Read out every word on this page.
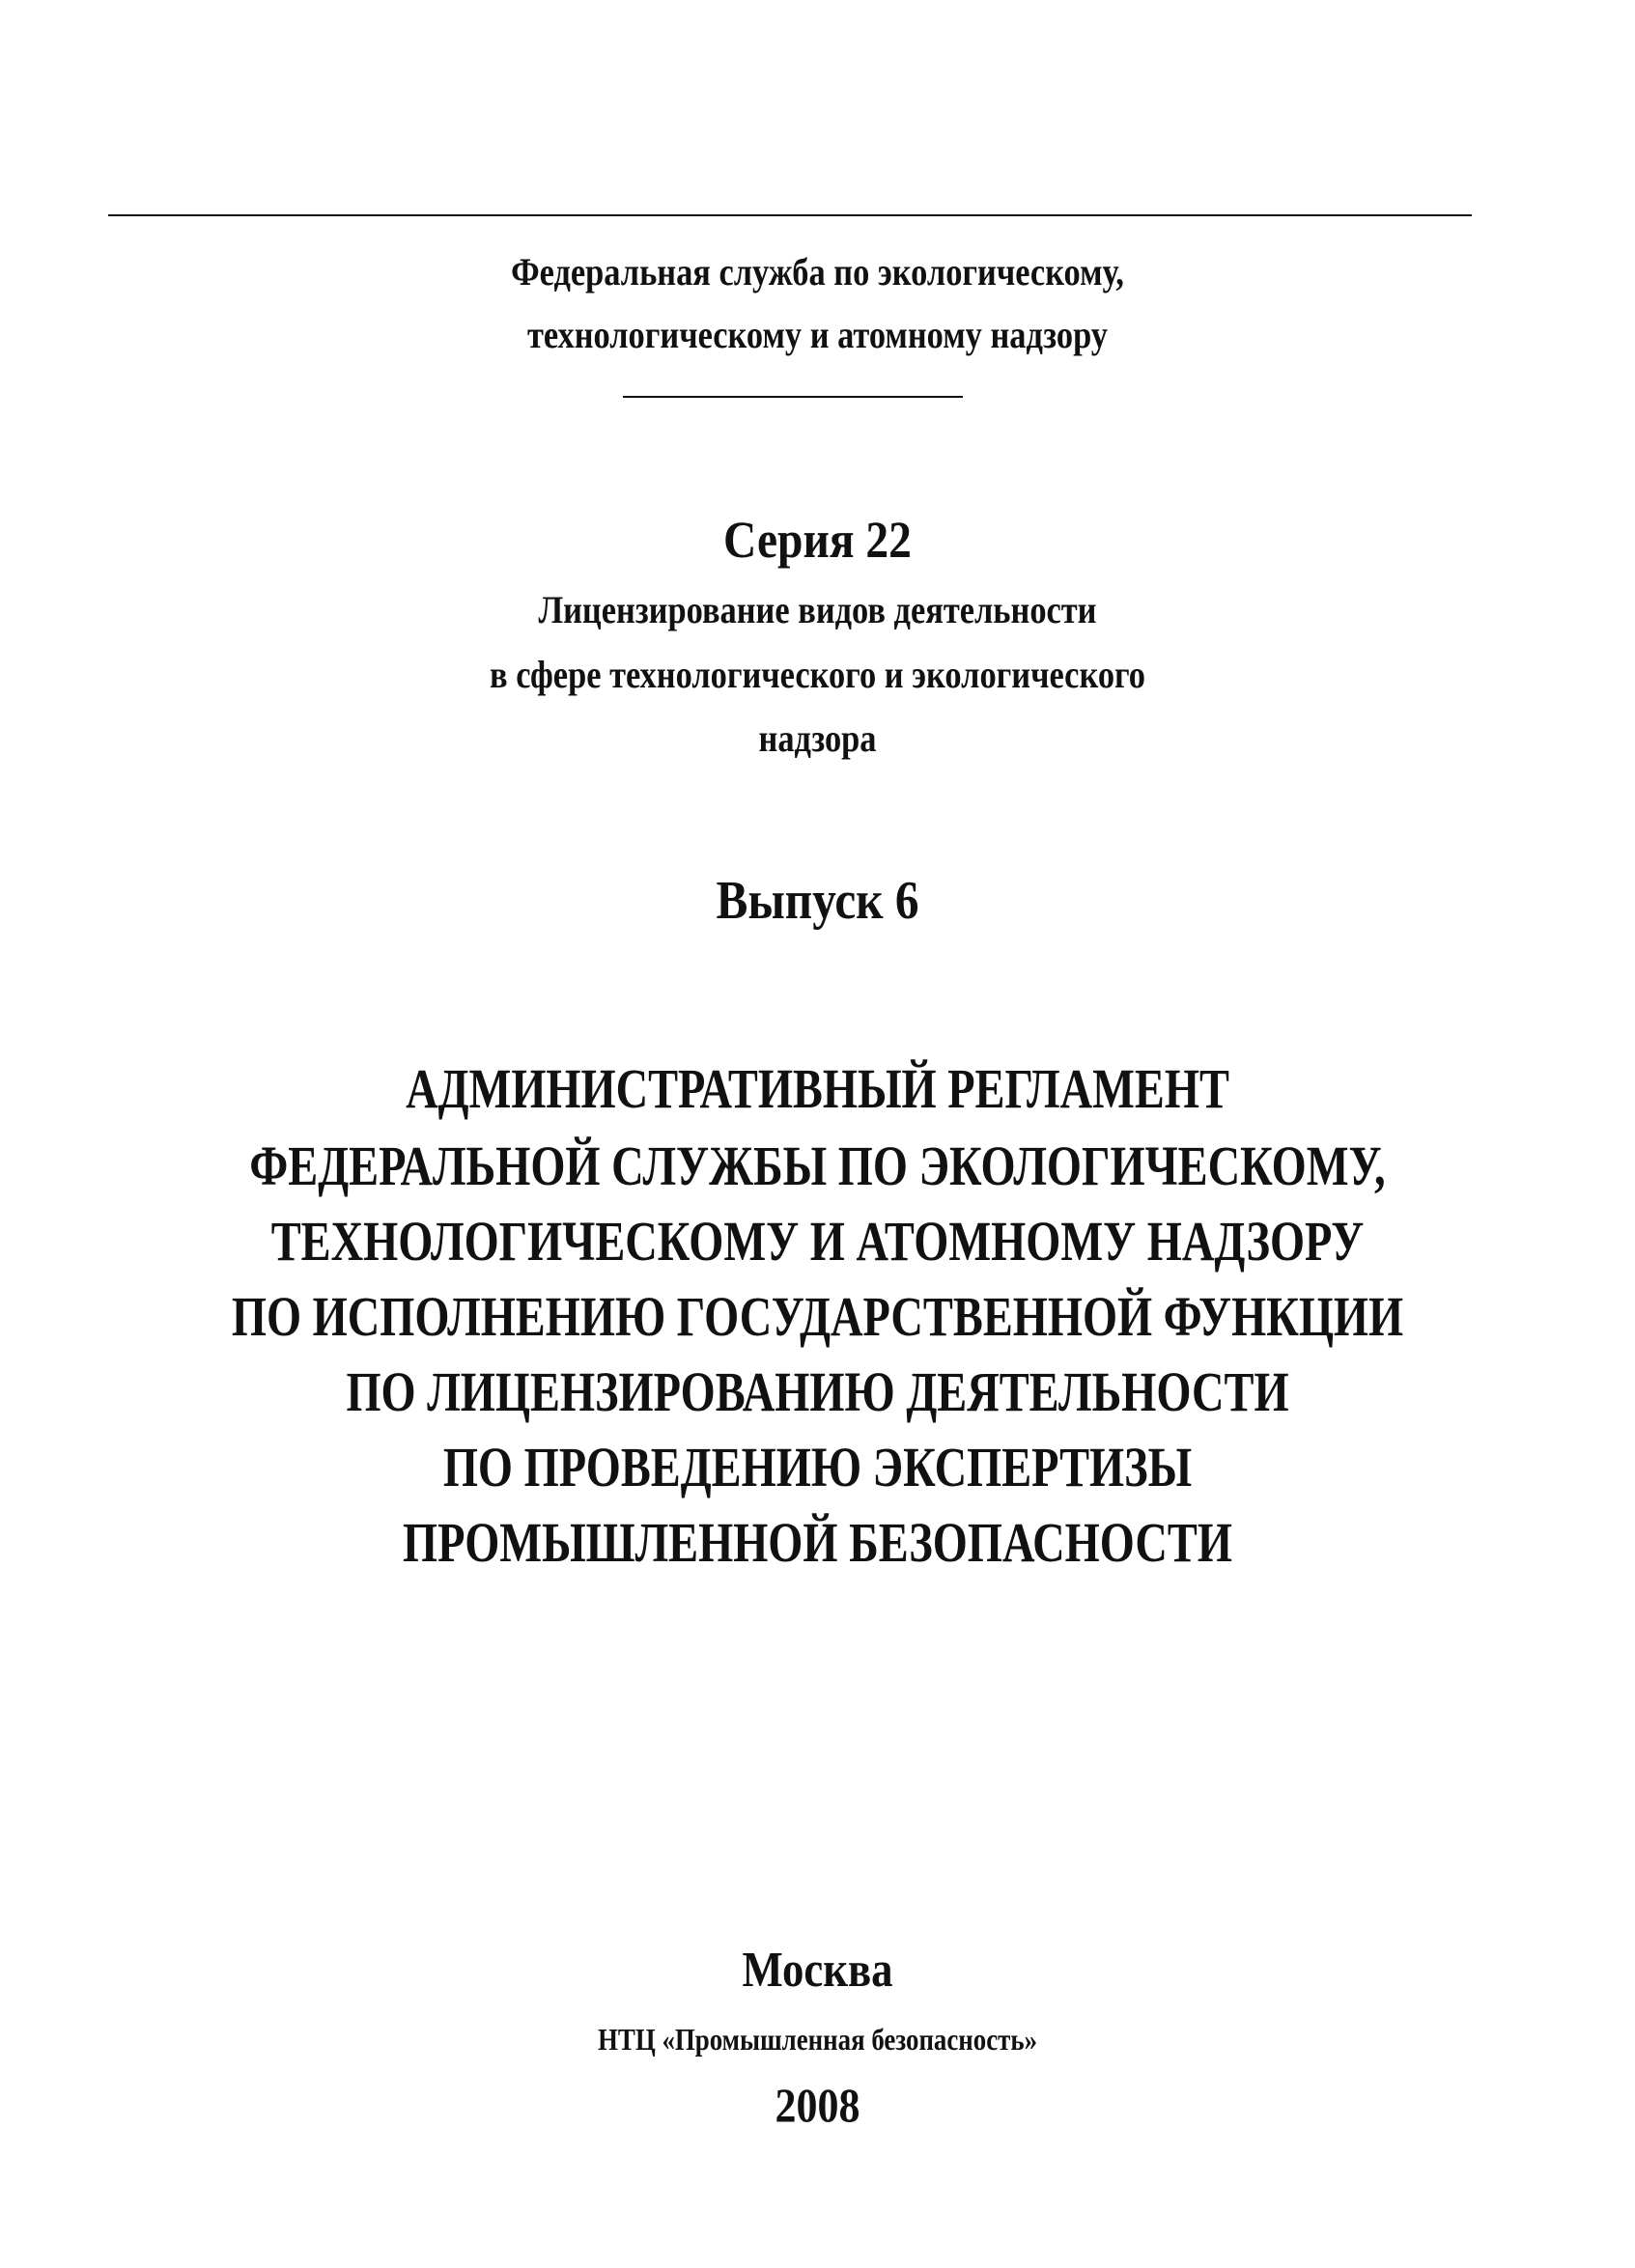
Федеральная служба по экологическому,
технологическому и атомному надзору
Серия 22
Лицензирование видов деятельности
в сфере технологического и экологического
надзора
Выпуск 6
АДМИНИСТРАТИВНЫЙ РЕГЛАМЕНТ
ФЕДЕРАЛЬНОЙ СЛУЖБЫ ПО ЭКОЛОГИЧЕСКОМУ,
ТЕХНОЛОГИЧЕСКОМУ И АТОМНОМУ НАДЗОРУ
ПО ИСПОЛНЕНИЮ ГОСУДАРСТВЕННОЙ ФУНКЦИИ
ПО ЛИЦЕНЗИРОВАНИЮ ДЕЯТЕЛЬНОСТИ
ПО ПРОВЕДЕНИЮ ЭКСПЕРТИЗЫ
ПРОМЫШЛЕННОЙ БЕЗОПАСНОСТИ
Москва
НТЦ «Промышленная безопасность»
2008
